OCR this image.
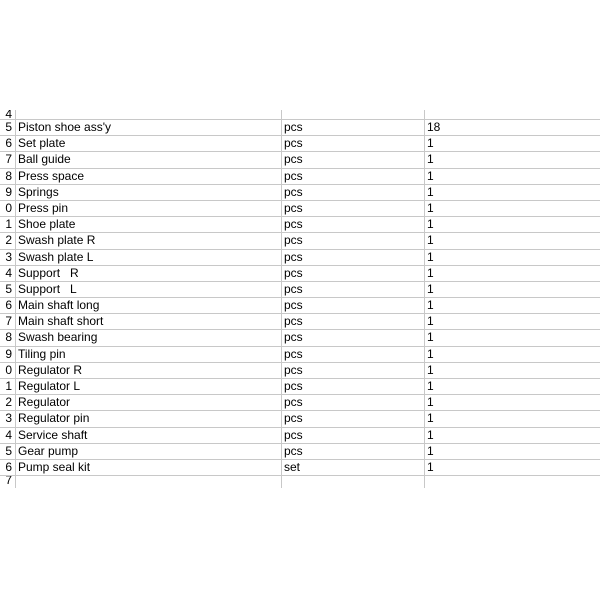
4
5 Piston shoe ass'y	pcs	18
6 Set plate	pcs	1
7 Ball guide	pcs	1
8 Press space	pcs	1
9 Springs	pcs	1
0 Press pin	pcs	1
1 Shoe plate	pcs	1
2 Swash plate R	pcs	1
3 Swash plate L	pcs	1
4 Support   R	pcs	1
5 Support   L	pcs	1
6 Main shaft long	pcs	1
7 Main shaft short	pcs	1
8 Swash bearing	pcs	1
9 Tiling pin	pcs	1
0 Regulator R	pcs	1
1 Regulator L	pcs	1
2 Regulator	pcs	1
3 Regulator pin	pcs	1
4 Service shaft	pcs	1
5 Gear pump	pcs	1
6 Pump seal kit	set	1
7
